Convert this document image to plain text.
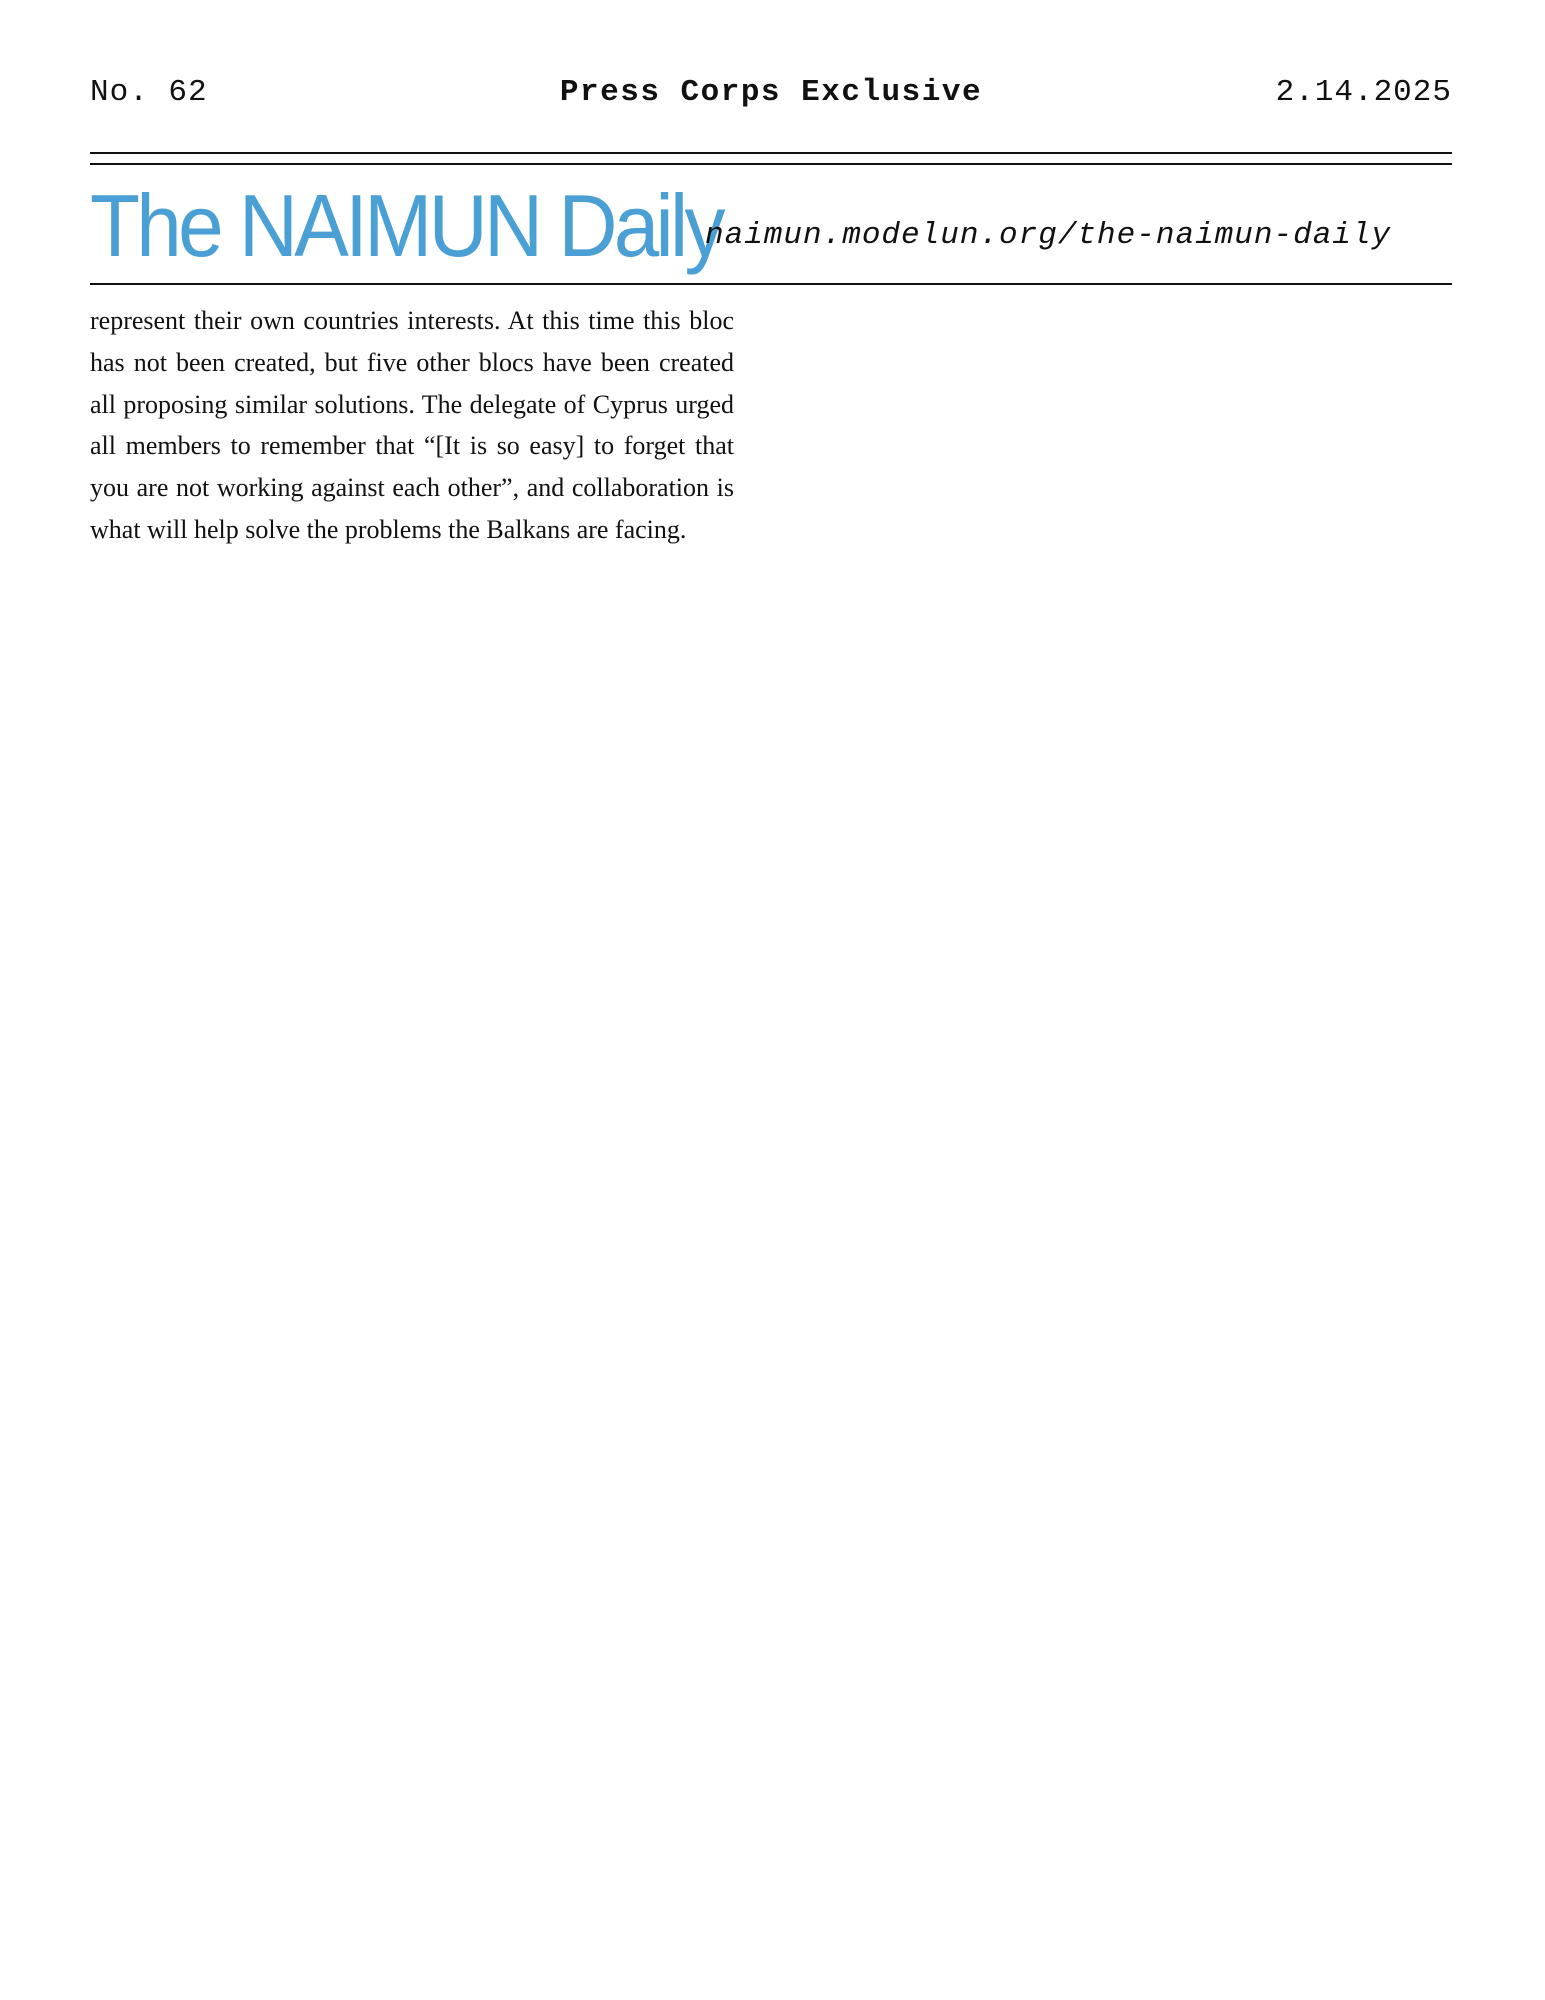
No. 62	Press Corps Exclusive	2.14.2025
The NAIMUN Daily
naimun.modelun.org/the-naimun-daily

represent their own countries interests. At this time this bloc has not been created, but five other blocs have been created all proposing similar solutions. The delegate of Cyprus urged all members to remember that “[It is so easy] to forget that you are not working against each other”, and collaboration is what will help solve the problems the Balkans are facing.
